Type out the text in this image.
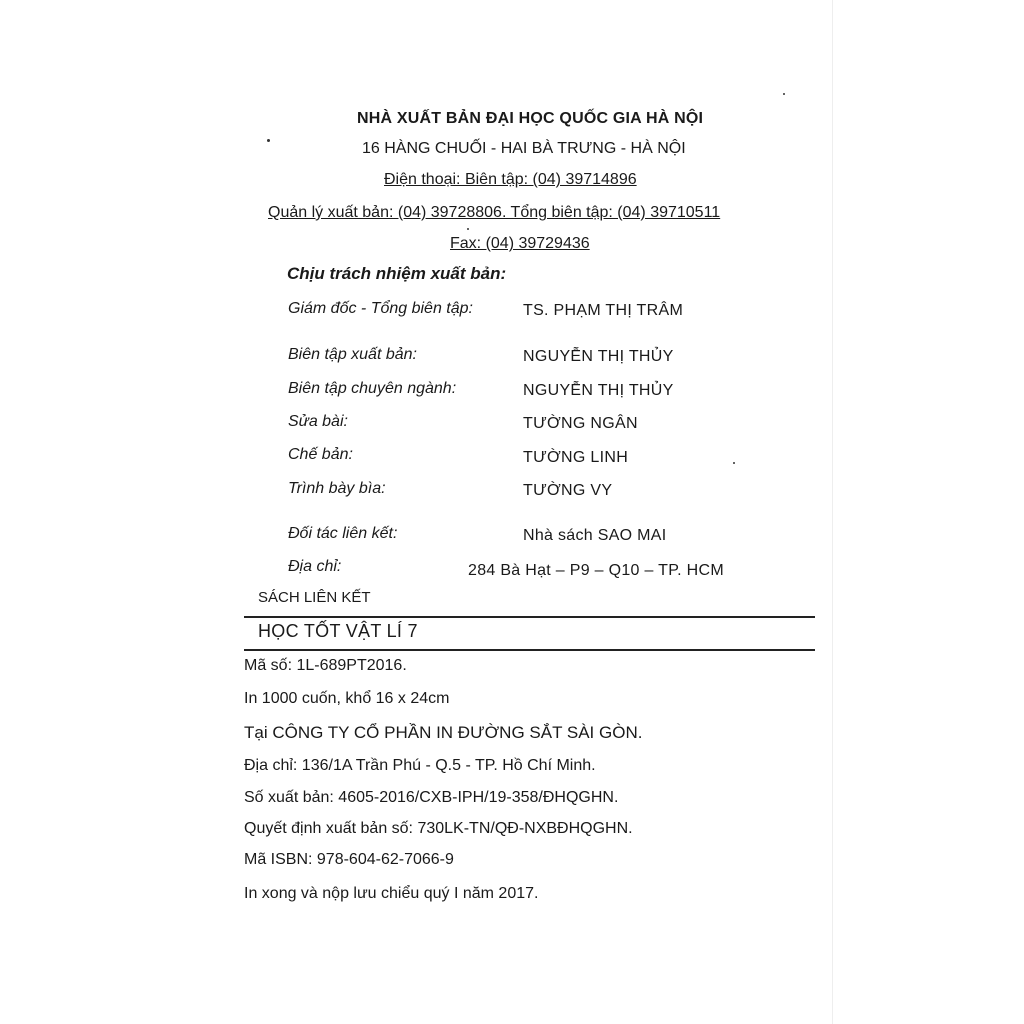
NHÀ XUẤT BẢN ĐẠI HỌC QUỐC GIA HÀ NỘI
16 HÀNG CHUỐI - HAI BÀ TRƯNG - HÀ NỘI
Điện thoại: Biên tập: (04) 39714896
Quản lý xuất bản: (04) 39728806. Tổng biên tập: (04) 39710511
Fax: (04) 39729436
Chịu trách nhiệm xuất bản:
Giám đốc - Tổng biên tập:	TS. PHẠM THỊ TRÂM
Biên tập xuất bản:	NGUYỄN THỊ THỦY
Biên tập chuyên ngành:	NGUYỄN THỊ THỦY
Sửa bài:	TƯỜNG NGÂN
Chế bản:	TƯỜNG LINH
Trình bày bìa:	TƯỜNG VY
Đối tác liên kết:	Nhà sách SAO MAI
Địa chỉ:	284 Bà Hạt – P9 – Q10 – TP. HCM
SÁCH LIÊN KẾT
HỌC TỐT VẬT LÍ 7
Mã số: 1L-689PT2016.
In 1000 cuốn, khổ 16 x 24cm
Tại CÔNG TY CỔ PHẦN IN ĐƯỜNG SẮT SÀI GÒN.
Địa chỉ: 136/1A Trần Phú - Q.5 - TP. Hồ Chí Minh.
Số xuất bản: 4605-2016/CXB-IPH/19-358/ĐHQGHN.
Quyết định xuất bản số: 730LK-TN/QĐ-NXBĐHQGHN.
Mã ISBN: 978-604-62-7066-9
In xong và nộp lưu chiểu quý I năm 2017.
